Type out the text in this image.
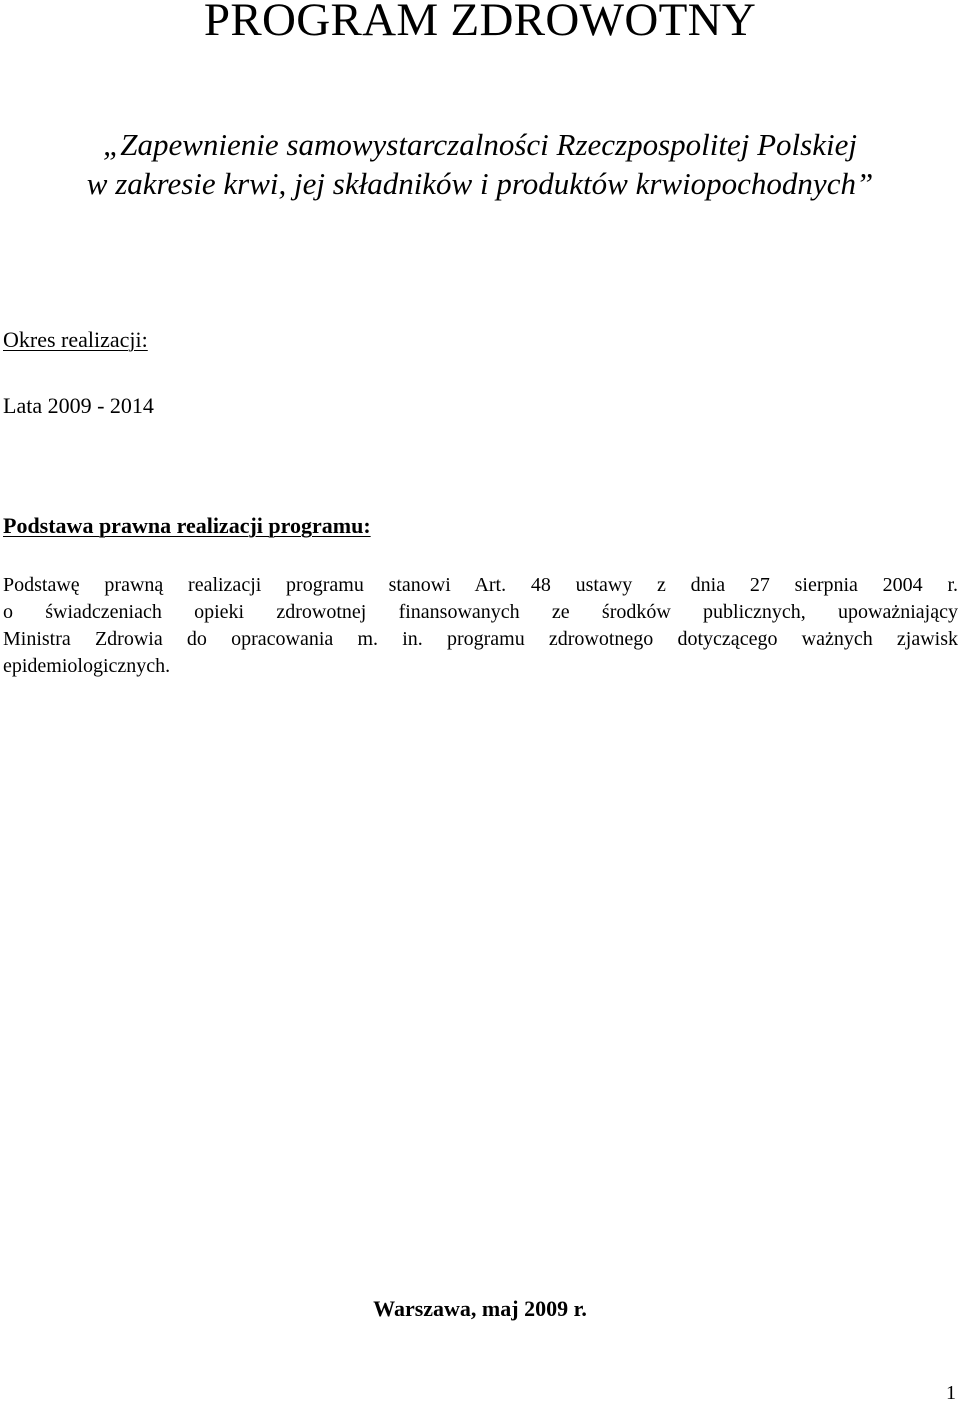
PROGRAM ZDROWOTNY
„Zapewnienie samowystarczalności Rzeczpospolitej Polskiej
w zakresie krwi, jej składników i produktów krwiopochodnych”

Okres realizacji:

Lata 2009 - 2014

Podstawa prawna realizacji programu:

Podstawę prawną realizacji programu stanowi Art. 48 ustawy z dnia 27 sierpnia 2004 r.
o świadczeniach opieki zdrowotnej finansowanych ze środków publicznych, upoważniający
Ministra Zdrowia do opracowania m. in. programu zdrowotnego dotyczącego ważnych zjawisk
epidemiologicznych.

Warszawa, maj 2009 r.

1
